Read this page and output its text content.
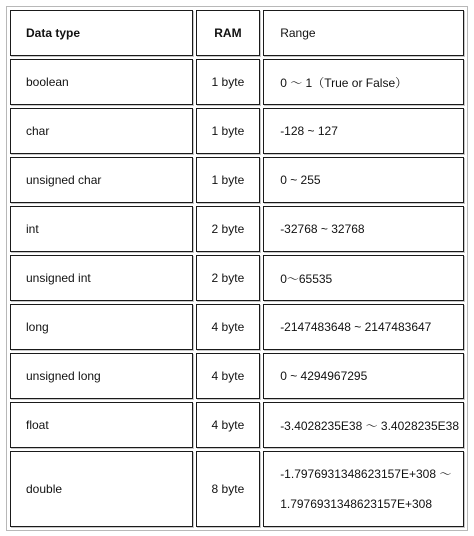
Data type	RAM	Range
boolean	1 byte	0 ～ 1（True or False）
char	1 byte	-128 ~ 127
unsigned char	1 byte	0 ~ 255
int	2 byte	-32768 ~ 32768
unsigned int	2 byte	0～65535
long	4 byte	-2147483648 ~ 2147483647
unsigned long	4 byte	0 ~ 4294967295
float	4 byte	-3.4028235E38 ～ 3.4028235E38
double	8 byte	-1.7976931348623157E+308 ～
1.7976931348623157E+308
